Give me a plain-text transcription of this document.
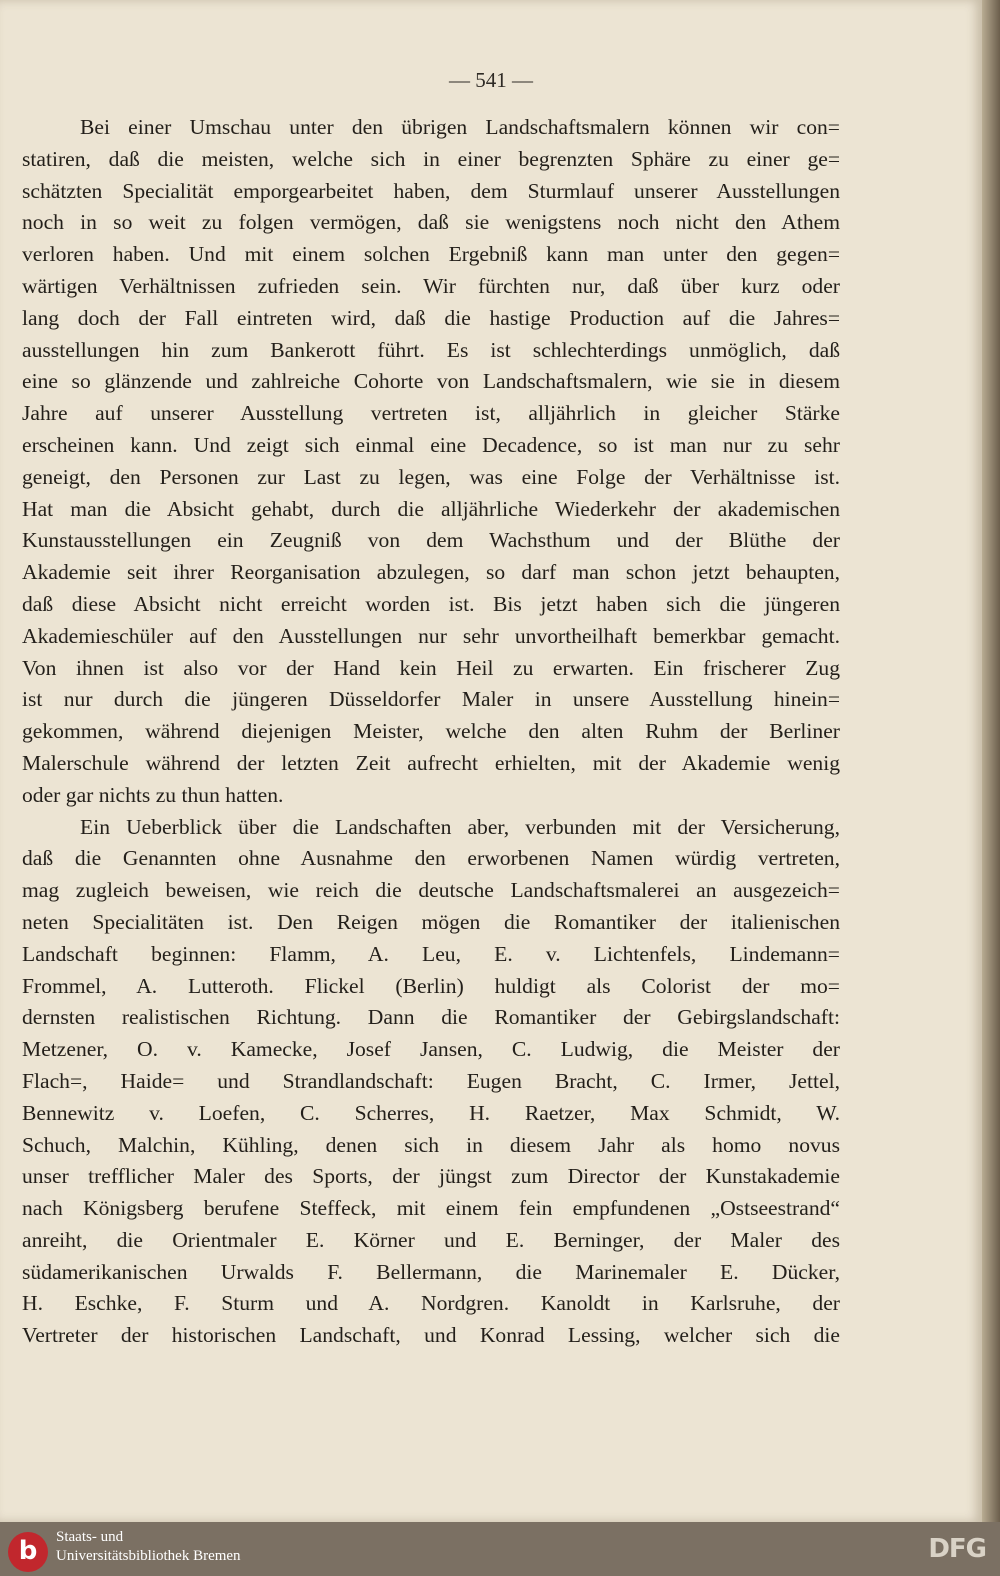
— 541 —
Bei einer Umschau unter den übrigen Landschaftsmalern können wir con=
statiren, daß die meisten, welche sich in einer begrenzten Sphäre zu einer ge=
schätzten Specialität emporgearbeitet haben, dem Sturmlauf unserer Ausstellungen
noch in so weit zu folgen vermögen, daß sie wenigstens noch nicht den Athem
verloren haben. Und mit einem solchen Ergebniß kann man unter den gegen=
wärtigen Verhältnissen zufrieden sein. Wir fürchten nur, daß über kurz oder
lang doch der Fall eintreten wird, daß die hastige Production auf die Jahres=
ausstellungen hin zum Bankerott führt. Es ist schlechterdings unmöglich, daß
eine so glänzende und zahlreiche Cohorte von Landschaftsmalern, wie sie in diesem
Jahre auf unserer Ausstellung vertreten ist, alljährlich in gleicher Stärke
erscheinen kann. Und zeigt sich einmal eine Decadence, so ist man nur zu sehr
geneigt, den Personen zur Last zu legen, was eine Folge der Verhältnisse ist.
Hat man die Absicht gehabt, durch die alljährliche Wiederkehr der akademischen
Kunstausstellungen ein Zeugniß von dem Wachsthum und der Blüthe der
Akademie seit ihrer Reorganisation abzulegen, so darf man schon jetzt behaupten,
daß diese Absicht nicht erreicht worden ist. Bis jetzt haben sich die jüngeren
Akademieschüler auf den Ausstellungen nur sehr unvortheilhaft bemerkbar gemacht.
Von ihnen ist also vor der Hand kein Heil zu erwarten. Ein frischerer Zug
ist nur durch die jüngeren Düsseldorfer Maler in unsere Ausstellung hinein=
gekommen, während diejenigen Meister, welche den alten Ruhm der Berliner
Malerschule während der letzten Zeit aufrecht erhielten, mit der Akademie wenig
oder gar nichts zu thun hatten.
Ein Ueberblick über die Landschaften aber, verbunden mit der Versicherung,
daß die Genannten ohne Ausnahme den erworbenen Namen würdig vertreten,
mag zugleich beweisen, wie reich die deutsche Landschaftsmalerei an ausgezeich=
neten Specialitäten ist. Den Reigen mögen die Romantiker der italienischen
Landschaft beginnen: Flamm, A. Leu, E. v. Lichtenfels, Lindemann=
Frommel, A. Lutteroth. Flickel (Berlin) huldigt als Colorist der mo=
dernsten realistischen Richtung. Dann die Romantiker der Gebirgslandschaft:
Metzener, O. v. Kamecke, Josef Jansen, C. Ludwig, die Meister der
Flach=, Haide= und Strandlandschaft: Eugen Bracht, C. Irmer, Jettel,
Bennewitz v. Loefen, C. Scherres, H. Raetzer, Max Schmidt, W.
Schuch, Malchin, Kühling, denen sich in diesem Jahr als homo novus
unser trefflicher Maler des Sports, der jüngst zum Director der Kunstakademie
nach Königsberg berufene Steffeck, mit einem fein empfundenen „Ostseestrand“
anreiht, die Orientmaler E. Körner und E. Berninger, der Maler des
südamerikanischen Urwalds F. Bellermann, die Marinemaler E. Dücker,
H. Eschke, F. Sturm und A. Nordgren. Kanoldt in Karlsruhe, der
Vertreter der historischen Landschaft, und Konrad Lessing, welcher sich die
b	Staats- und
Universitätsbibliothek Bremen	DFG
